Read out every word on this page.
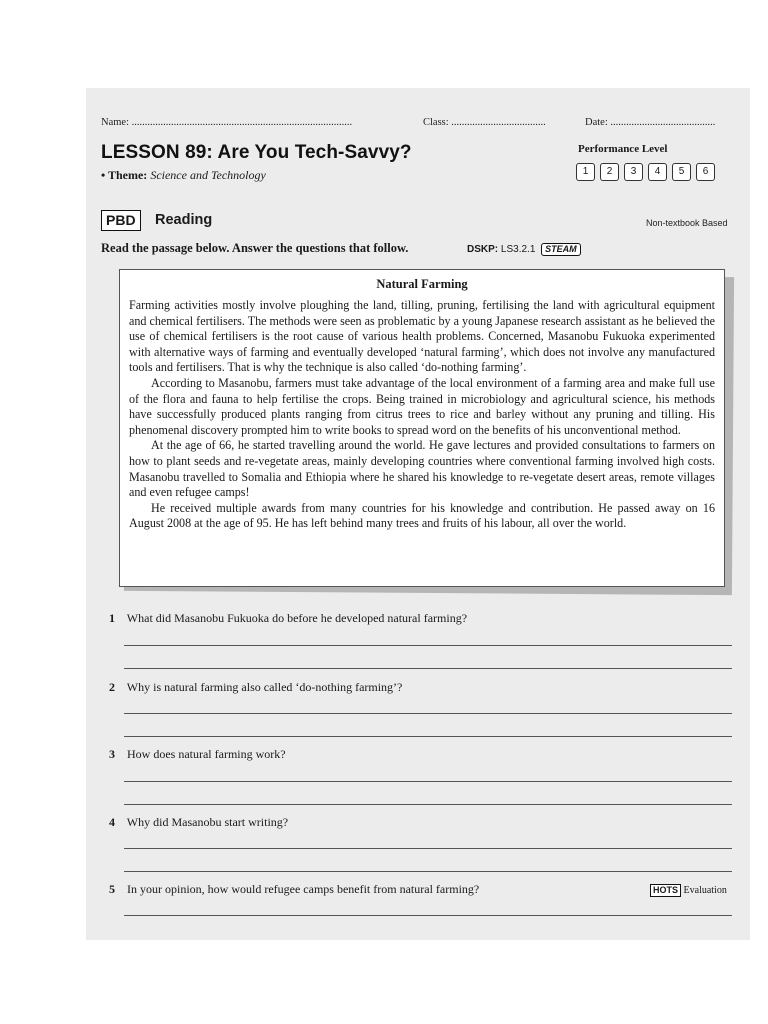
Name: ....................................................................................	Class: ....................................	Date: ........................................
LESSON 89: Are You Tech-Savvy?
• Theme: Science and Technology
Performance Level
1	2	3	4	5	6
PBD	Reading	Non-textbook Based
Read the passage below. Answer the questions that follow.	DSKP: LS3.2.1 STEAM
Natural Farming

Farming activities mostly involve ploughing the land, tilling, pruning, fertilising the land with agricultural equipment and chemical fertilisers. The methods were seen as problematic by a young Japanese research assistant as he believed the use of chemical fertilisers is the root cause of various health problems. Concerned, Masanobu Fukuoka experimented with alternative ways of farming and eventually developed ‘natural farming’, which does not involve any manufactured tools and fertilisers. That is why the technique is also called ‘do-nothing farming’.

According to Masanobu, farmers must take advantage of the local environment of a farming area and make full use of the flora and fauna to help fertilise the crops. Being trained in microbiology and agricultural science, his methods have successfully produced plants ranging from citrus trees to rice and barley without any pruning and tilling. His phenomenal discovery prompted him to write books to spread word on the benefits of his unconventional method.

At the age of 66, he started travelling around the world. He gave lectures and provided consultations to farmers on how to plant seeds and re-vegetate areas, mainly developing countries where conventional farming involved high costs. Masanobu travelled to Somalia and Ethiopia where he shared his knowledge to re-vegetate desert areas, remote villages and even refugee camps!

He received multiple awards from many countries for his knowledge and contribution. He passed away on 16 August 2008 at the age of 95. He has left behind many trees and fruits of his labour, all over the world.

1 What did Masanobu Fukuoka do before he developed natural farming?
2 Why is natural farming also called ‘do-nothing farming’?
3 How does natural farming work?
4 Why did Masanobu start writing?
5 In your opinion, how would refugee camps benefit from natural farming?	HOTS Evaluation
